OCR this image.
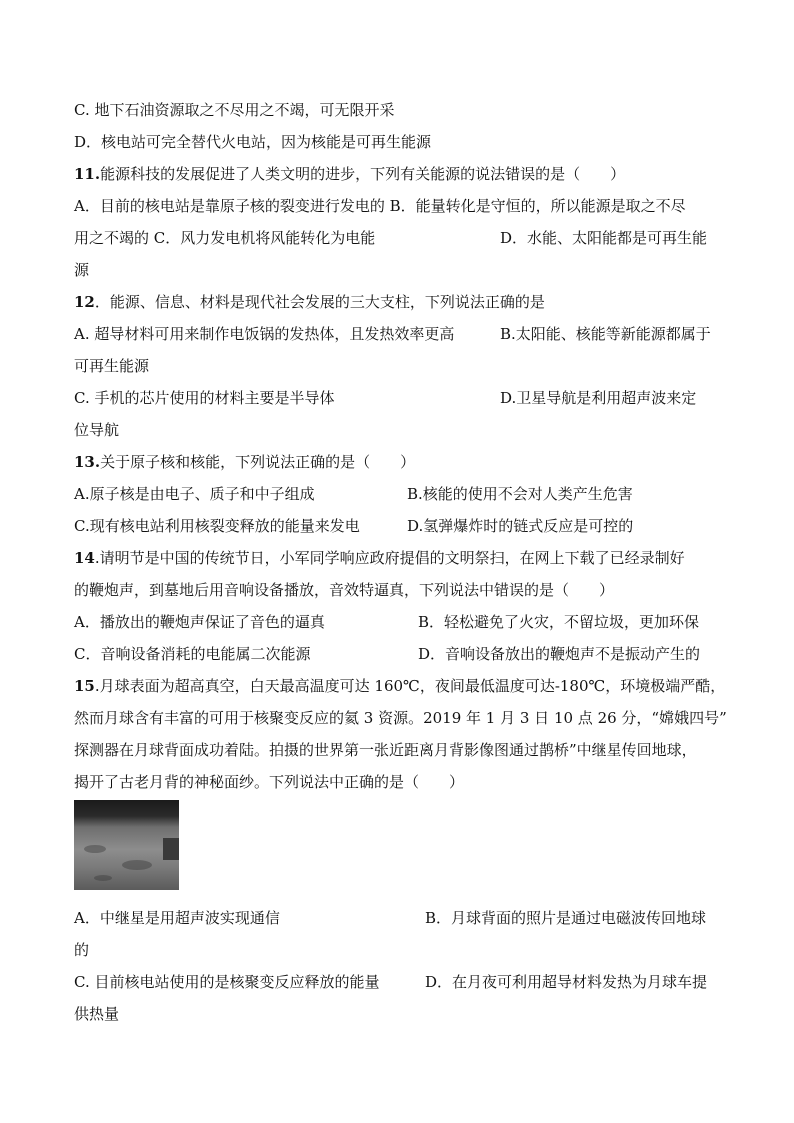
C. 地下石油资源取之不尽用之不竭，可无限开采
D．核电站可完全替代火电站，因为核能是可再生能源
11.能源科技的发展促进了人类文明的进步，下列有关能源的说法错误的是（　　）
A．目前的核电站是靠原子核的裂变进行发电的 B．能量转化是守恒的，所以能源是取之不尽
用之不竭的 C．风力发电机将风能转化为电能	D．水能、太阳能都是可再生能
源
12．能源、信息、材料是现代社会发展的三大支柱，下列说法正确的是
A. 超导材料可用来制作电饭锅的发热体，且发热效率更高	B.太阳能、核能等新能源都属于
可再生能源
C. 手机的芯片使用的材料主要是半导体	D.卫星导航是利用超声波来定
位导航
13.关于原子核和核能，下列说法正确的是（　　）
A.原子核是由电子、质子和中子组成	B.核能的使用不会对人类产生危害
C.现有核电站利用核裂变释放的能量来发电	D.氢弹爆炸时的链式反应是可控的
14.请明节是中国的传统节日，小军同学响应政府提倡的文明祭扫，在网上下载了已经录制好
的鞭炮声，到墓地后用音响设备播放，音效特逼真，下列说法中错误的是（　　）
A．播放出的鞭炮声保证了音色的逼真	B．轻松避免了火灾，不留垃圾，更加环保
C．音响设备消耗的电能属二次能源	D．音响设备放出的鞭炮声不是振动产生的
15.月球表面为超高真空，白天最高温度可达 160℃，夜间最低温度可达-180℃，环境极端严酷，
然而月球含有丰富的可用于核聚变反应的氦 3 资源。2019 年 1 月 3 日 10 点 26 分，“嫦娥四号”
探测器在月球背面成功着陆。拍摄的世界第一张近距离月背影像图通过鹊桥”中继星传回地球，
揭开了古老月背的神秘面纱。下列说法中正确的是（　　）
A．中继星是用超声波实现通信	B．月球背面的照片是通过电磁波传回地球
的
C. 目前核电站使用的是核聚变反应释放的能量	D．在月夜可利用超导材料发热为月球车提
供热量
